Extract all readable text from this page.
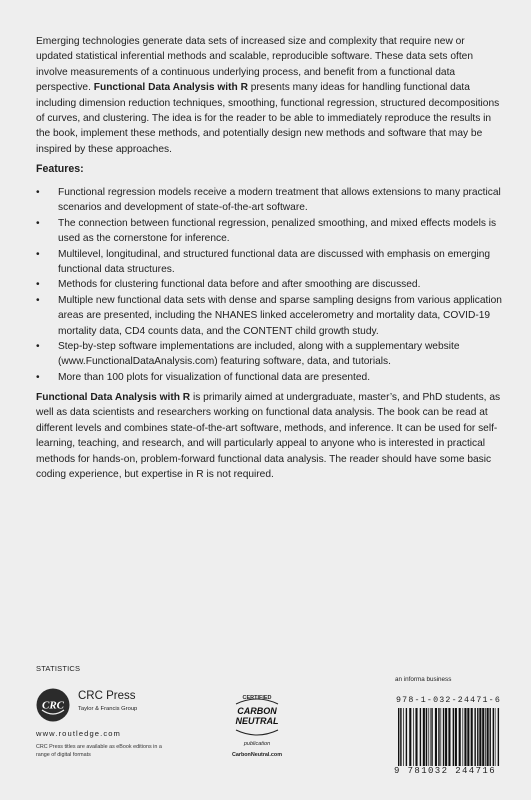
Emerging technologies generate data sets of increased size and complexity that require new or updated statistical inferential methods and scalable, reproducible software. These data sets often involve measurements of a continuous underlying process, and benefit from a functional data perspective. Functional Data Analysis with R presents many ideas for handling functional data including dimension reduction techniques, smoothing, functional regression, structured decompositions of curves, and clustering. The idea is for the reader to be able to immediately reproduce the results in the book, implement these methods, and potentially design new methods and software that may be inspired by these approaches.

Features:
• Functional regression models receive a modern treatment that allows extensions to many practical scenarios and development of state-of-the-art software.
• The connection between functional regression, penalized smoothing, and mixed effects models is used as the cornerstone for inference.
• Multilevel, longitudinal, and structured functional data are discussed with emphasis on emerging functional data structures.
• Methods for clustering functional data before and after smoothing are discussed.
• Multiple new functional data sets with dense and sparse sampling designs from various application areas are presented, including the NHANES linked accelerometry and mortality data, COVID-19 mortality data, CD4 counts data, and the CONTENT child growth study.
• Step-by-step software implementations are included, along with a supplementary website (www.FunctionalDataAnalysis.com) featuring software, data, and tutorials.
• More than 100 plots for visualization of functional data are presented.

Functional Data Analysis with R is primarily aimed at undergraduate, master’s, and PhD students, as well as data scientists and researchers working on functional data analysis. The book can be read at different levels and combines state-of-the-art software, methods, and inference. It can be used for self-learning, teaching, and research, and will particularly appeal to anyone who is interested in practical methods for hands-on, problem-forward functional data analysis. The reader should have some basic coding experience, but expertise in R is not required.

STATISTICS
CRC
CRC Press
Taylor & Francis Group
www.routledge.com
CRC Press titles are available as eBook editions in a range of digital formats
CERTIFIED
CARBON
NEUTRAL
publication
CarbonNeutral.com
an informa business
978-1-032-24471-6
9 781032 244716
